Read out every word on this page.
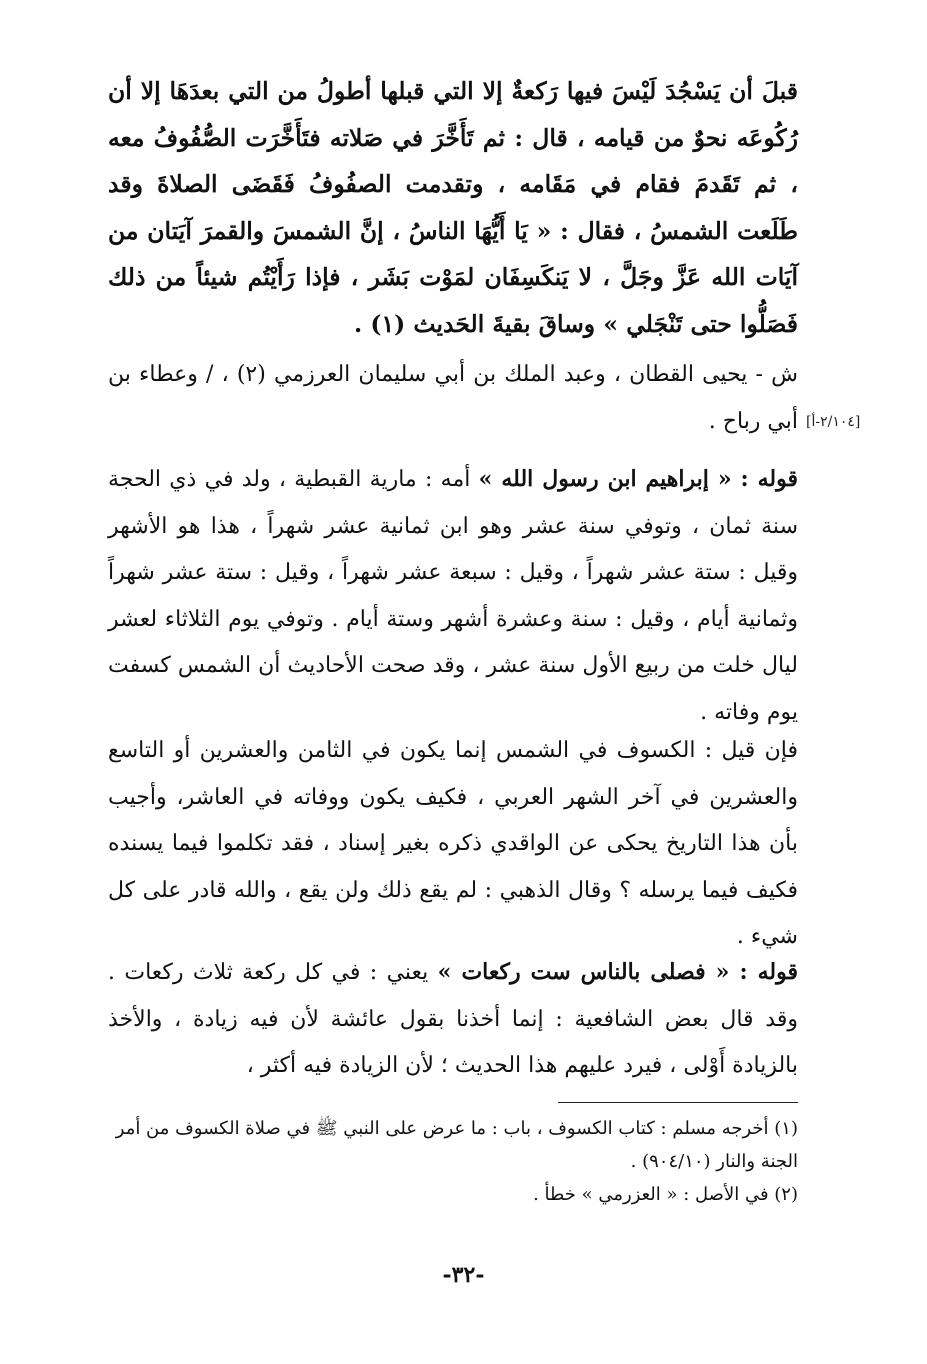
قبلَ أن يَسْجُدَ لَيْسَ فيها رَكعةٌ إلا التي قبلها أطولُ من التي بعدَهَا إلا أن رُكُوعَه نحوٌ من قيامه ، قال : ثم تَأَخَّرَ في صَلاته فتَأَخَّرَت الصُّفُوفُ معه ، ثم تَقَدمَ فقام في مَقَامه ، وتقدمت الصفُوفُ فَقَضَى الصلاةَ وقد طَلَعت الشمسُ ، فقال : « يَا أَيُّهَا الناسُ ، إنَّ الشمسَ والقمرَ آيَتان من آيَات الله عَزَّ وجَلَّ ، لا يَنكَسِفَان لمَوْت بَشَر ، فإذا رَأَيْتُم شيئاً من ذلك فَصَلُّوا حتى تَنْجَلي » وساقَ بقيةَ الحَديث (١) .

ش - يحيى القطان ، وعبد الملك بن أبي سليمان العرزمي (٢) ، / وعطاء بن أبي رباح . [٢/١٠٤-أ]

قوله : « إبراهيم ابن رسول الله » أمه : مارية القبطية ، ولد في ذي الحجة سنة ثمان ، وتوفي سنة عشر وهو ابن ثمانية عشر شهراً ، هذا هو الأشهر وقيل : ستة عشر شهراً ، وقيل : سبعة عشر شهراً ، وقيل : ستة عشر شهراً وثمانية أيام ، وقيل : سنة وعشرة أشهر وستة أيام . وتوفي يوم الثلاثاء لعشر ليال خلت من ربيع الأول سنة عشر ، وقد صحت الأحاديث أن الشمس كسفت يوم وفاته .

فإن قيل : الكسوف في الشمس إنما يكون في الثامن والعشرين أو التاسع والعشرين في آخر الشهر العربي ، فكيف يكون ووفاته في العاشر، وأجيب بأن هذا التاريخ يحكى عن الواقدي ذكره بغير إسناد ، فقد تكلموا فيما يسنده فكيف فيما يرسله ؟ وقال الذهبي : لم يقع ذلك ولن يقع ، والله قادر على كل شيء .

قوله : « فصلى بالناس ست ركعات » يعني : في كل ركعة ثلاث ركعات . وقد قال بعض الشافعية : إنما أخذنا بقول عائشة لأن فيه زيادة ، والأخذ بالزيادة أَوْلى ، فيرد عليهم هذا الحديث ؛ لأن الزيادة فيه أكثر ،

(١) أخرجه مسلم : كتاب الكسوف ، باب : ما عرض على النبي ﷺ في صلاة الكسوف من أمر الجنة والنار (٩٠٤/١٠) .

(٢) في الأصل : « العزرمي » خطأ .

-٣٢-
